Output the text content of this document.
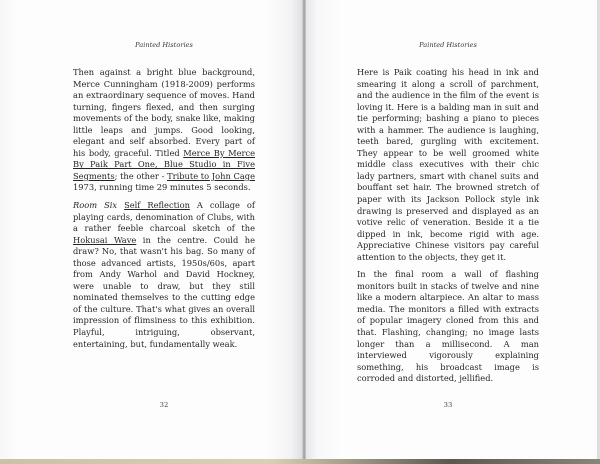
Painted Histories

Then against a bright blue background, Merce Cunningham (1918-2009) performs an extraordinary sequence of moves. Hand turning, fingers flexed, and then surging movements of the body, snake like, making little leaps and jumps. Good looking, elegant and self absorbed. Every part of his body, graceful. Titled Merce By Merce By Paik Part One, Blue Studio in Five Segments; the other - Tribute to John Cage 1973, running time 29 minutes 5 seconds.

Room Six Self Reflection A collage of playing cards, denomination of Clubs, with a rather feeble charcoal sketch of the Hokusai Wave in the centre. Could he draw? No, that wasn't his bag. So many of those advanced artists, 1950s/60s, apart from Andy Warhol and David Hockney, were unable to draw, but they still nominated themselves to the cutting edge of the culture. That's what gives an overall impression of flimsiness to this exhibition. Playful, intriguing, observant, entertaining, but, fundamentally weak.

32
Painted Histories

Here is Paik coating his head in ink and smearing it along a scroll of parchment, and the audience in the film of the event is loving it. Here is a balding man in suit and tie performing; bashing a piano to pieces with a hammer. The audience is laughing, teeth bared, gurgling with excitement. They appear to be well groomed white middle class executives with their chic lady partners, smart with chanel suits and bouffant set hair. The browned stretch of paper with its Jackson Pollock style ink drawing is preserved and displayed as an votive relic of veneration. Beside it a tie dipped in ink, become rigid with age. Appreciative Chinese visitors pay careful attention to the objects, they get it.

In the final room a wall of flashing monitors built in stacks of twelve and nine like a modern altarpiece. An altar to mass media. The monitors a filled with extracts of popular imagery cloned from this and that. Flashing, changing; no image lasts longer than a millisecond. A man interviewed vigorously explaining something, his broadcast image is corroded and distorted, jellified.

33
